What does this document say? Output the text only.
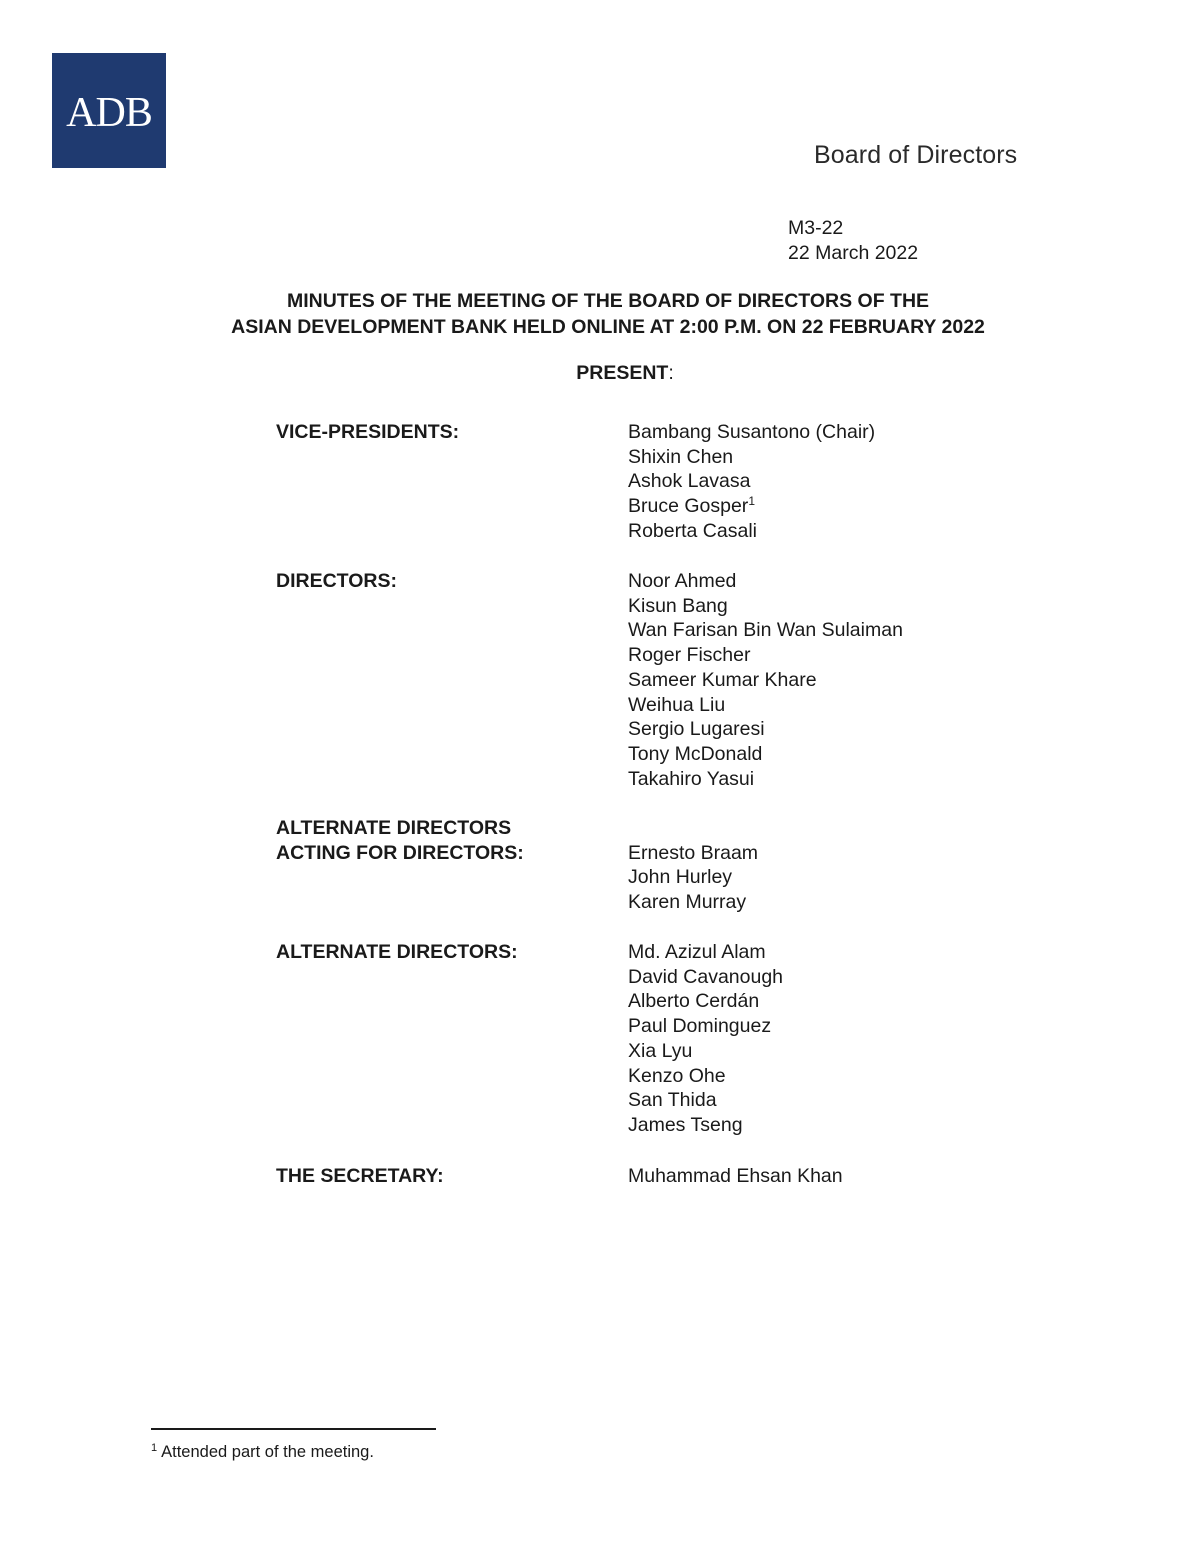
ADB
Board of Directors
M3-22
22 March 2022
MINUTES OF THE MEETING OF THE BOARD OF DIRECTORS OF THE
ASIAN DEVELOPMENT BANK HELD ONLINE AT 2:00 P.M. ON 22 FEBRUARY 2022
PRESENT:
VICE-PRESIDENTS:	Bambang Susantono (Chair)
Shixin Chen
Ashok Lavasa
Bruce Gosper$^1$
Roberta Casali
DIRECTORS:	Noor Ahmed
Kisun Bang
Wan Farisan Bin Wan Sulaiman
Roger Fischer
Sameer Kumar Khare
Weihua Liu
Sergio Lugaresi
Tony McDonald
Takahiro Yasui
ALTERNATE DIRECTORS
ACTING FOR DIRECTORS:	Ernesto Braam
John Hurley
Karen Murray
ALTERNATE DIRECTORS:	Md. Azizul Alam
David Cavanough
Alberto Cerdán
Paul Dominguez
Xia Lyu
Kenzo Ohe
San Thida
James Tseng
THE SECRETARY:	Muhammad Ehsan Khan
$^1$ Attended part of the meeting.
